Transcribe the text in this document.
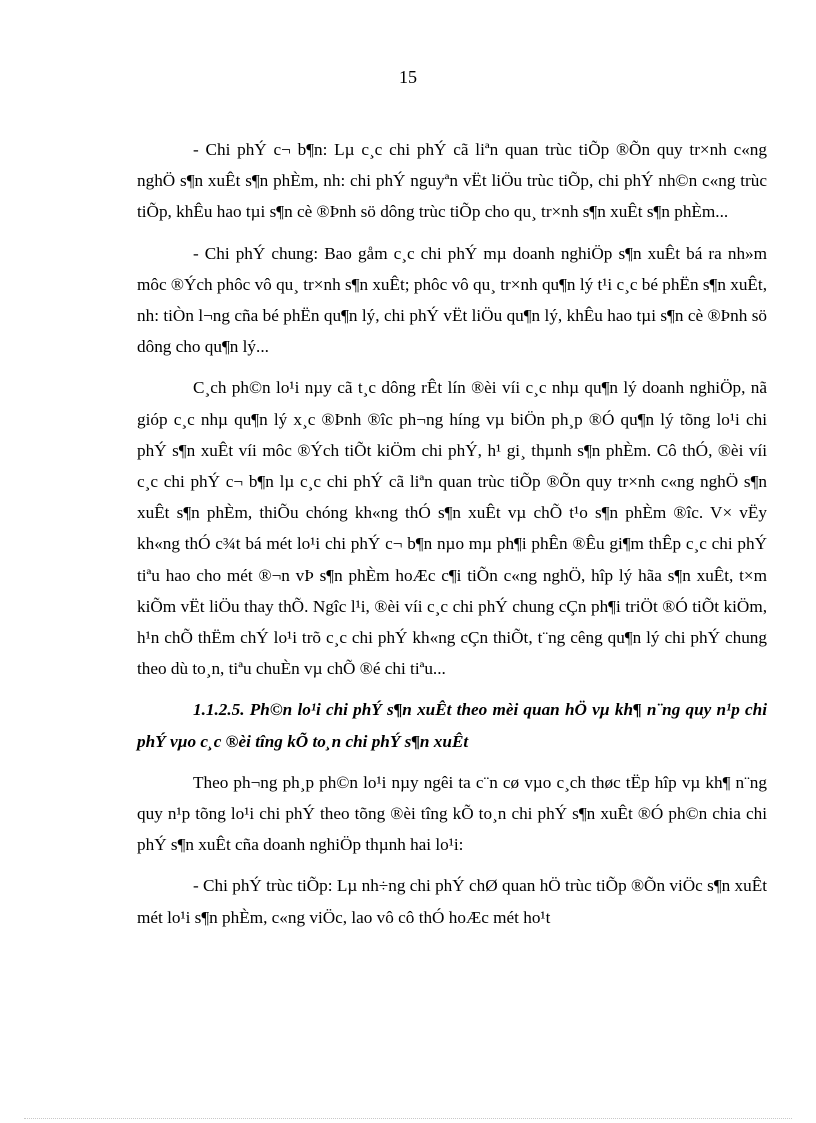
15

- Chi phÝ c¬ b¶n: Lµ c¸c chi phÝ cã liªn quan trùc tiÕp ®Õn quy tr×nh c«ng nghÖ s¶n xuÊt s¶n phÈm, nh: chi phÝ nguyªn vËt liÖu trùc tiÕp, chi phÝ nh©n c«ng trùc tiÕp, khÊu hao tµi s¶n cè ®Þnh sö dông trùc tiÕp cho qu¸ tr×nh s¶n xuÊt s¶n phÈm...

- Chi phÝ chung: Bao gåm c¸c chi phÝ mµ doanh nghiÖp s¶n xuÊt bá ra nh»m môc ®Ých phôc vô qu¸ tr×nh s¶n xuÊt; phôc vô qu¸ tr×nh qu¶n lý t¹i c¸c bé phËn s¶n xuÊt, nh: tiÒn l¬ng cña bé phËn qu¶n lý, chi phÝ vËt liÖu qu¶n lý, khÊu hao tµi s¶n cè ®Þnh sö dông cho qu¶n lý...

C¸ch ph©n lo¹i nµy cã t¸c dông rÊt lín ®èi víi c¸c nhµ qu¶n lý doanh nghiÖp, nã gióp c¸c nhµ qu¶n lý x¸c ®Þnh ®îc ph¬ng híng vµ biÖn ph¸p ®Ó qu¶n lý tõng lo¹i chi phÝ s¶n xuÊt víi môc ®Ých tiÕt kiÖm chi phÝ, h¹ gi¸ thµnh s¶n phÈm. Cô thÓ, ®èi víi c¸c chi phÝ c¬ b¶n lµ c¸c chi phÝ cã liªn quan trùc tiÕp ®Õn quy tr×nh c«ng nghÖ s¶n xuÊt s¶n phÈm, thiÕu chóng kh«ng thÓ s¶n xuÊt vµ chÕ t¹o s¶n phÈm ®îc. V× vËy kh«ng thÓ c¾t bá mét lo¹i chi phÝ c¬ b¶n nµo mµ ph¶i phÊn ®Êu gi¶m thÊp c¸c chi phÝ tiªu hao cho mét ®¬n vÞ s¶n phÈm hoÆc c¶i tiÕn c«ng nghÖ, hîp lý hãa s¶n xuÊt, t×m kiÕm vËt liÖu thay thÕ. Ngîc l¹i, ®èi víi c¸c chi phÝ chung cÇn ph¶i triÖt ®Ó tiÕt kiÖm, h¹n chÕ thËm chÝ lo¹i trõ c¸c chi phÝ kh«ng cÇn thiÕt, t¨ng cêng qu¶n lý chi phÝ chung theo dù to¸n, tiªu chuÈn vµ chÕ ®é chi tiªu...

1.1.2.5. Ph©n lo¹i chi phÝ s¶n xuÊt theo mèi quan hÖ vµ kh¶ n¨ng quy n¹p chi phÝ vµo c¸c ®èi tîng kÕ to¸n chi phÝ s¶n xuÊt

Theo ph¬ng ph¸p ph©n lo¹i nµy ngêi ta c¨n cø vµo c¸ch thøc tËp hîp vµ kh¶ n¨ng quy n¹p tõng lo¹i chi phÝ theo tõng ®èi tîng kÕ to¸n chi phÝ s¶n xuÊt ®Ó ph©n chia chi phÝ s¶n xuÊt cña doanh nghiÖp thµnh hai lo¹i:

- Chi phÝ trùc tiÕp: Lµ nh÷ng chi phÝ chØ quan hÖ trùc tiÕp ®Õn viÖc s¶n xuÊt mét lo¹i s¶n phÈm, c«ng viÖc, lao vô cô thÓ hoÆc mét ho¹t
